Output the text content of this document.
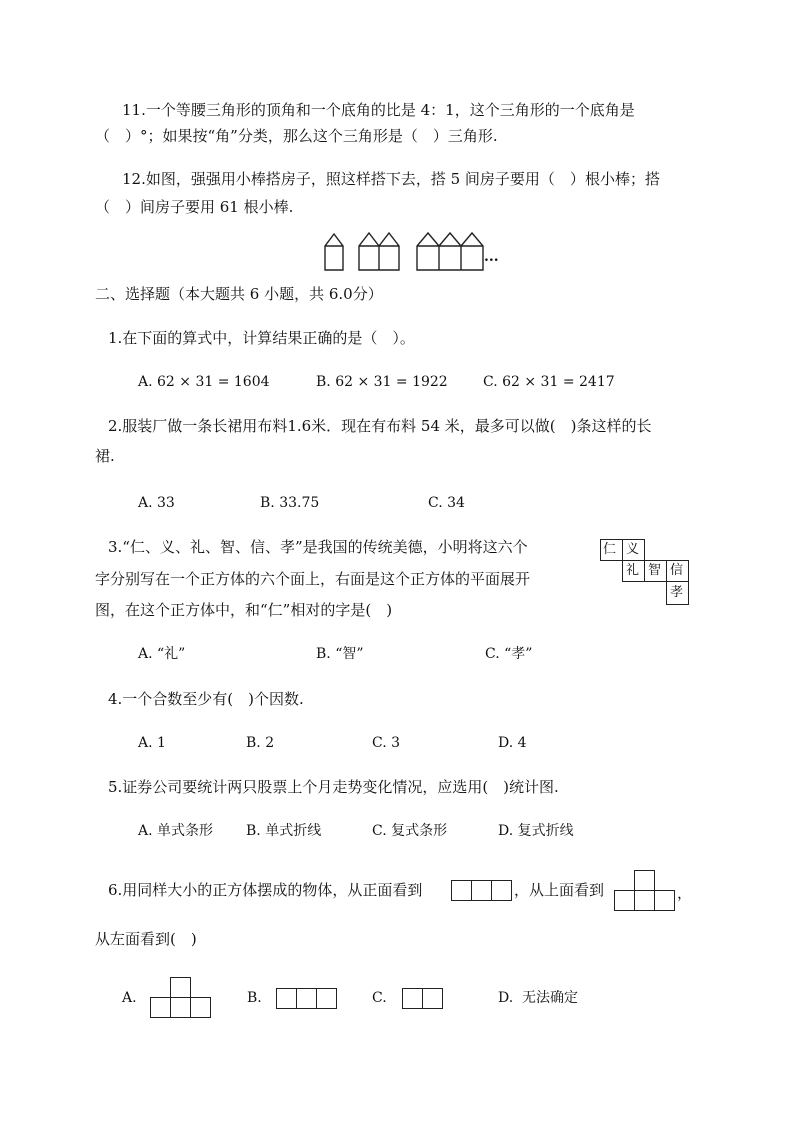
11.一个等腰三角形的顶角和一个底角的比是 4：1，这个三角形的一个底角是
（　）°；如果按“角”分类，那么这个三角形是（　）三角形.
12.如图，强强用小棒搭房子，照这样搭下去，搭 5 间房子要用（　）根小棒；搭
（　）间房子要用 61 根小棒.
...
二、选择题（本大题共 6 小题，共 6.0分）
1.在下面的算式中，计算结果正确的是（　）。
A. 62 × 31 = 1604	B. 62 × 31 = 1922	C. 62 × 31 = 2417
2.服装厂做一条长裙用布料1.6米．现在有布料 54 米，最多可以做(　)条这样的长
裙.
A. 33	B. 33.75	C. 34
3.“仁、义、礼、智、信、孝”是我国的传统美德，小明将这六个
字分别写在一个正方体的六个面上，右面是这个正方体的平面展开
图，在这个正方体中，和“仁”相对的字是(　)
仁 义
礼 智 信
孝
A. “礼”	B. “智”	C. “孝”
4.一个合数至少有(　)个因数.
A. 1	B. 2	C. 3	D. 4
5.证券公司要统计两只股票上个月走势变化情况，应选用(　)统计图.
A. 单式条形 B. 单式折线	C. 复式条形	D. 复式折线
6.用同样大小的正方体摆成的物体，从正面看到	，从上面看到	，
从左面看到(　)
A.	B.	C.	D. 无法确定
